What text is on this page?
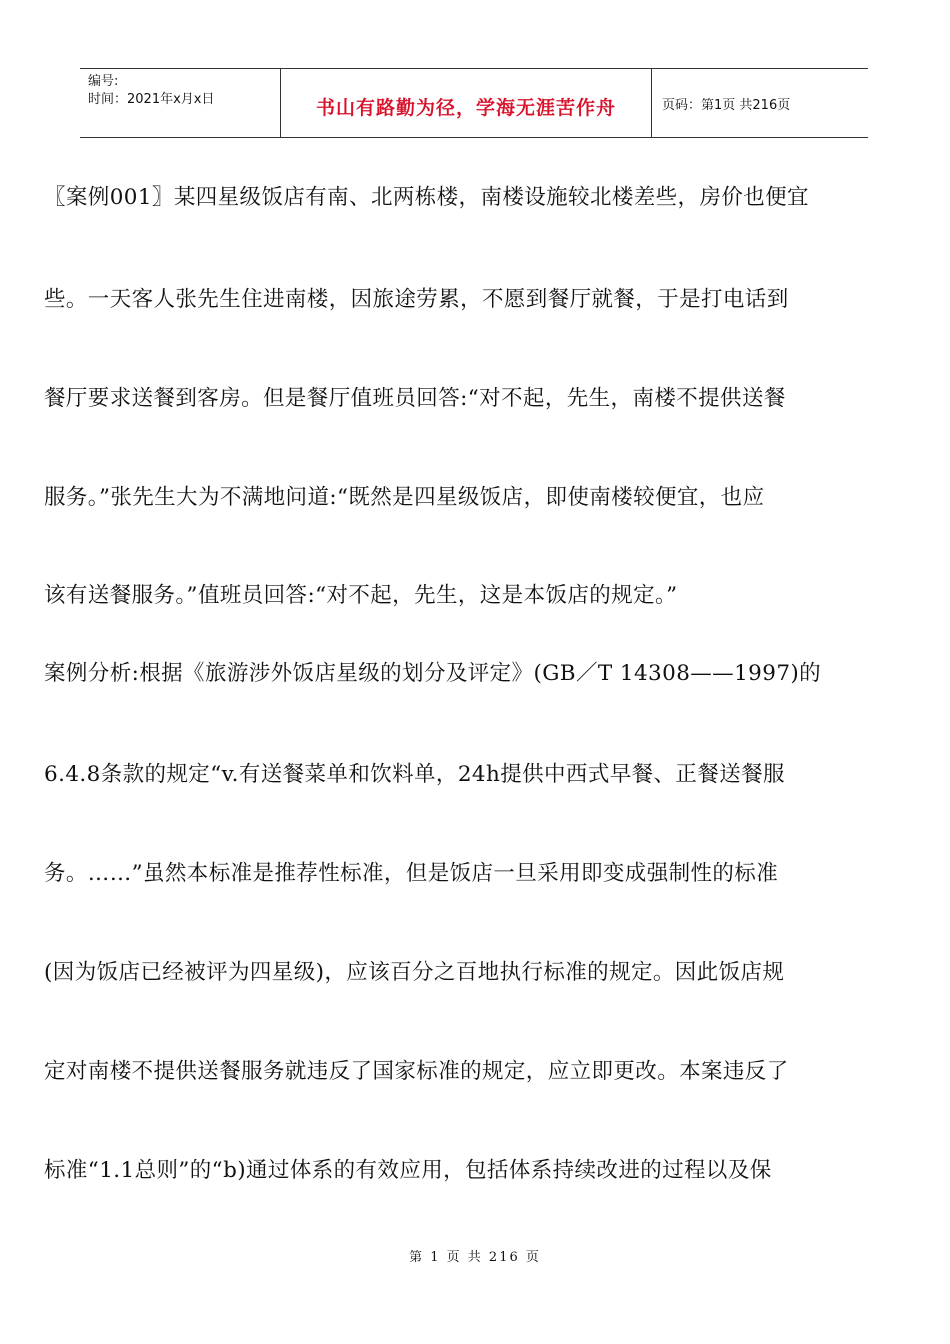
编号:
时间：2021年x月x日	书山有路勤为径，学海无涯苦作舟	页码：第1页 共216页
〖案例001〗某四星级饭店有南、北两栋楼，南楼设施较北楼差些，房价也便宜
些。一天客人张先生住进南楼，因旅途劳累，不愿到餐厅就餐，于是打电话到
餐厅要求送餐到客房。但是餐厅值班员回答:“对不起，先生，南楼不提供送餐
服务。”张先生大为不满地问道:“既然是四星级饭店，即使南楼较便宜，也应
该有送餐服务。”值班员回答:“对不起，先生，这是本饭店的规定。”
案例分析:根据《旅游涉外饭店星级的划分及评定》(GB／T 14308——1997)的
6.4.8条款的规定“v.有送餐菜单和饮料单，24h提供中西式早餐、正餐送餐服
务。……”虽然本标准是推荐性标准，但是饭店一旦采用即变成强制性的标准
(因为饭店已经被评为四星级)，应该百分之百地执行标准的规定。因此饭店规
定对南楼不提供送餐服务就违反了国家标准的规定，应立即更改。本案违反了
标准“1.1总则”的“b)通过体系的有效应用，包括体系持续改进的过程以及保
第 1 页 共 216 页
